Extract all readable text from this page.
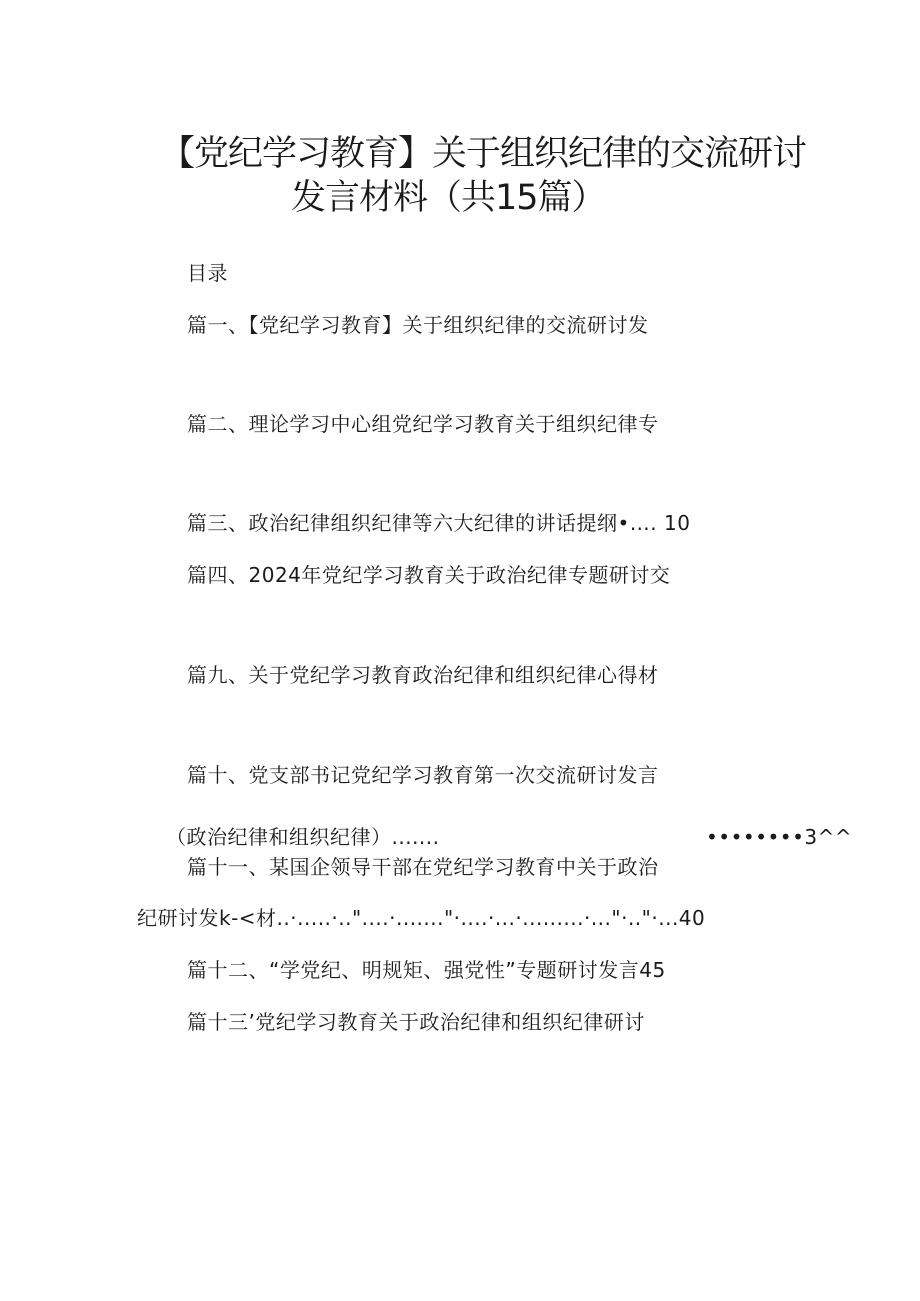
【党纪学习教育】关于组织纪律的交流研讨
发言材料（共15篇）
目录
篇一、【党纪学习教育】关于组织纪律的交流研讨发
篇二、理论学习中心组党纪学习教育关于组织纪律专
篇三、政治纪律组织纪律等六大纪律的讲话提纲•…. 10
篇四、2024年党纪学习教育关于政治纪律专题研讨交
篇九、关于党纪学习教育政治纪律和组织纪律心得材
篇十、党支部书记党纪学习教育第一次交流研讨发言
（政治纪律和组织纪律）.......	••••••••3^^
篇十一、某国企领导干部在党纪学习教育中关于政治
纪研讨发k-<材..·.....·.."....·......."·....·...·.........·..."·.."·...40
篇十二、“学党纪、明规矩、强党性”专题研讨发言45
篇十三’党纪学习教育关于政治纪律和组织纪律研讨
